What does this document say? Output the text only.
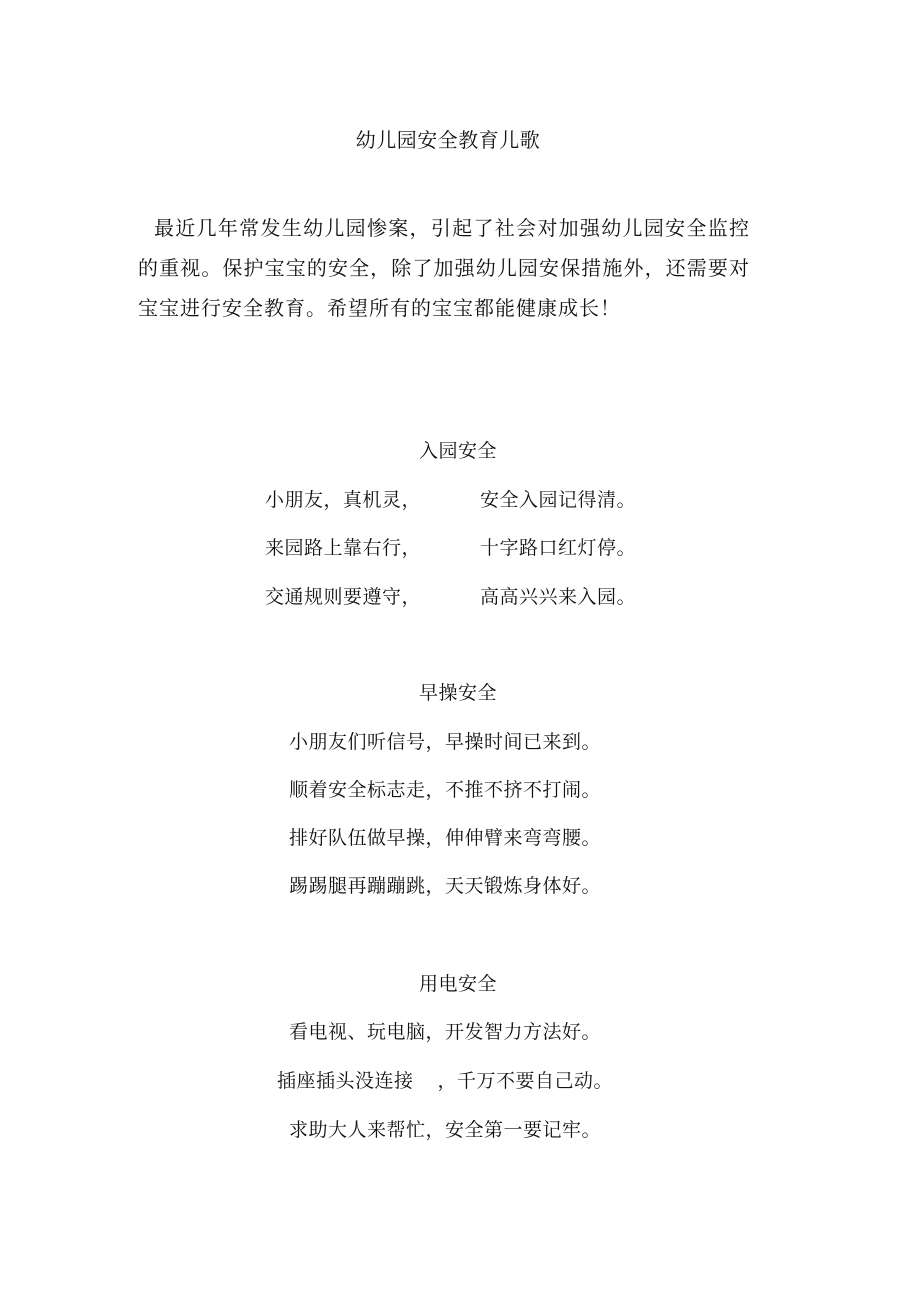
幼儿园安全教育儿歌

最近几年常发生幼儿园惨案，引起了社会对加强幼儿园安全监控的重视。保护宝宝的安全，除了加强幼儿园安保措施外，还需要对宝宝进行安全教育。希望所有的宝宝都能健康成长！

入园安全
小朋友，真机灵，	安全入园记得清。
来园路上靠右行，	十字路口红灯停。
交通规则要遵守，	高高兴兴来入园。
早操安全
小朋友们听信号，早操时间已来到。
顺着安全标志走，不推不挤不打闹。
排好队伍做早操，伸伸臂来弯弯腰。
踢踢腿再蹦蹦跳，天天锻炼身体好。
用电安全
看电视、玩电脑，开发智力方法好。
插座插头没连接 ，千万不要自己动。
求助大人来帮忙，安全第一要记牢。
